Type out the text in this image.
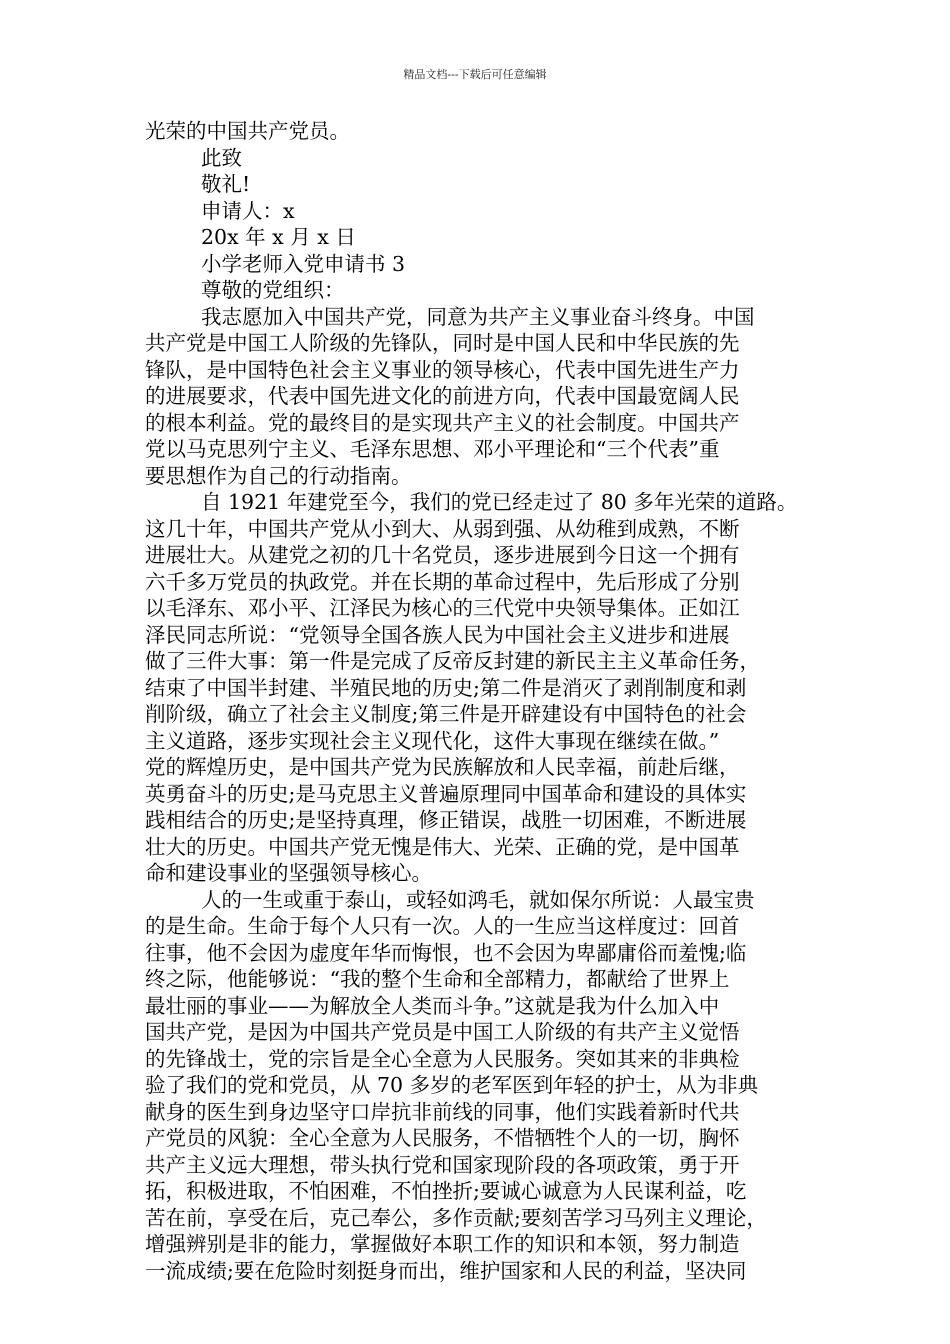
精品文档---下载后可任意编辑
光荣的中国共产党员。
此致
敬礼!
申请人：x
20x 年 x 月 x 日
小学老师入党申请书 3
尊敬的党组织：
我志愿加入中国共产党，同意为共产主义事业奋斗终身。中国
共产党是中国工人阶级的先锋队，同时是中国人民和中华民族的先
锋队，是中国特色社会主义事业的领导核心，代表中国先进生产力
的进展要求，代表中国先进文化的前进方向，代表中国最宽阔人民
的根本利益。党的最终目的是实现共产主义的社会制度。中国共产
党以马克思列宁主义、毛泽东思想、邓小平理论和“三个代表”重
要思想作为自己的行动指南。
自 1921 年建党至今，我们的党已经走过了 80 多年光荣的道路。
这几十年，中国共产党从小到大、从弱到强、从幼稚到成熟，不断
进展壮大。从建党之初的几十名党员，逐步进展到今日这一个拥有
六千多万党员的执政党。并在长期的革命过程中，先后形成了分别
以毛泽东、邓小平、江泽民为核心的三代党中央领导集体。正如江
泽民同志所说：“党领导全国各族人民为中国社会主义进步和进展
做了三件大事：第一件是完成了反帝反封建的新民主主义革命任务，
结束了中国半封建、半殖民地的历史;第二件是消灭了剥削制度和剥
削阶级，确立了社会主义制度;第三件是开辟建设有中国特色的社会
主义道路，逐步实现社会主义现代化，这件大事现在继续在做。”
党的辉煌历史，是中国共产党为民族解放和人民幸福，前赴后继，
英勇奋斗的历史;是马克思主义普遍原理同中国革命和建设的具体实
践相结合的历史;是坚持真理，修正错误，战胜一切困难，不断进展
壮大的历史。中国共产党无愧是伟大、光荣、正确的党，是中国革
命和建设事业的坚强领导核心。
人的一生或重于泰山，或轻如鸿毛，就如保尔所说：人最宝贵
的是生命。生命于每个人只有一次。人的一生应当这样度过：回首
往事，他不会因为虚度年华而悔恨，也不会因为卑鄙庸俗而羞愧;临
终之际，他能够说：“我的整个生命和全部精力，都献给了世界上
最壮丽的事业——为解放全人类而斗争。”这就是我为什么加入中
国共产党，是因为中国共产党员是中国工人阶级的有共产主义觉悟
的先锋战士，党的宗旨是全心全意为人民服务。突如其来的非典检
验了我们的党和党员，从 70 多岁的老军医到年轻的护士，从为非典
献身的医生到身边坚守口岸抗非前线的同事，他们实践着新时代共
产党员的风貌：全心全意为人民服务，不惜牺牲个人的一切，胸怀
共产主义远大理想，带头执行党和国家现阶段的各项政策，勇于开
拓，积极进取，不怕困难，不怕挫折;要诚心诚意为人民谋利益，吃
苦在前，享受在后，克己奉公，多作贡献;要刻苦学习马列主义理论，
增强辨别是非的能力，掌握做好本职工作的知识和本领，努力制造
一流成绩;要在危险时刻挺身而出，维护国家和人民的利益，坚决同
